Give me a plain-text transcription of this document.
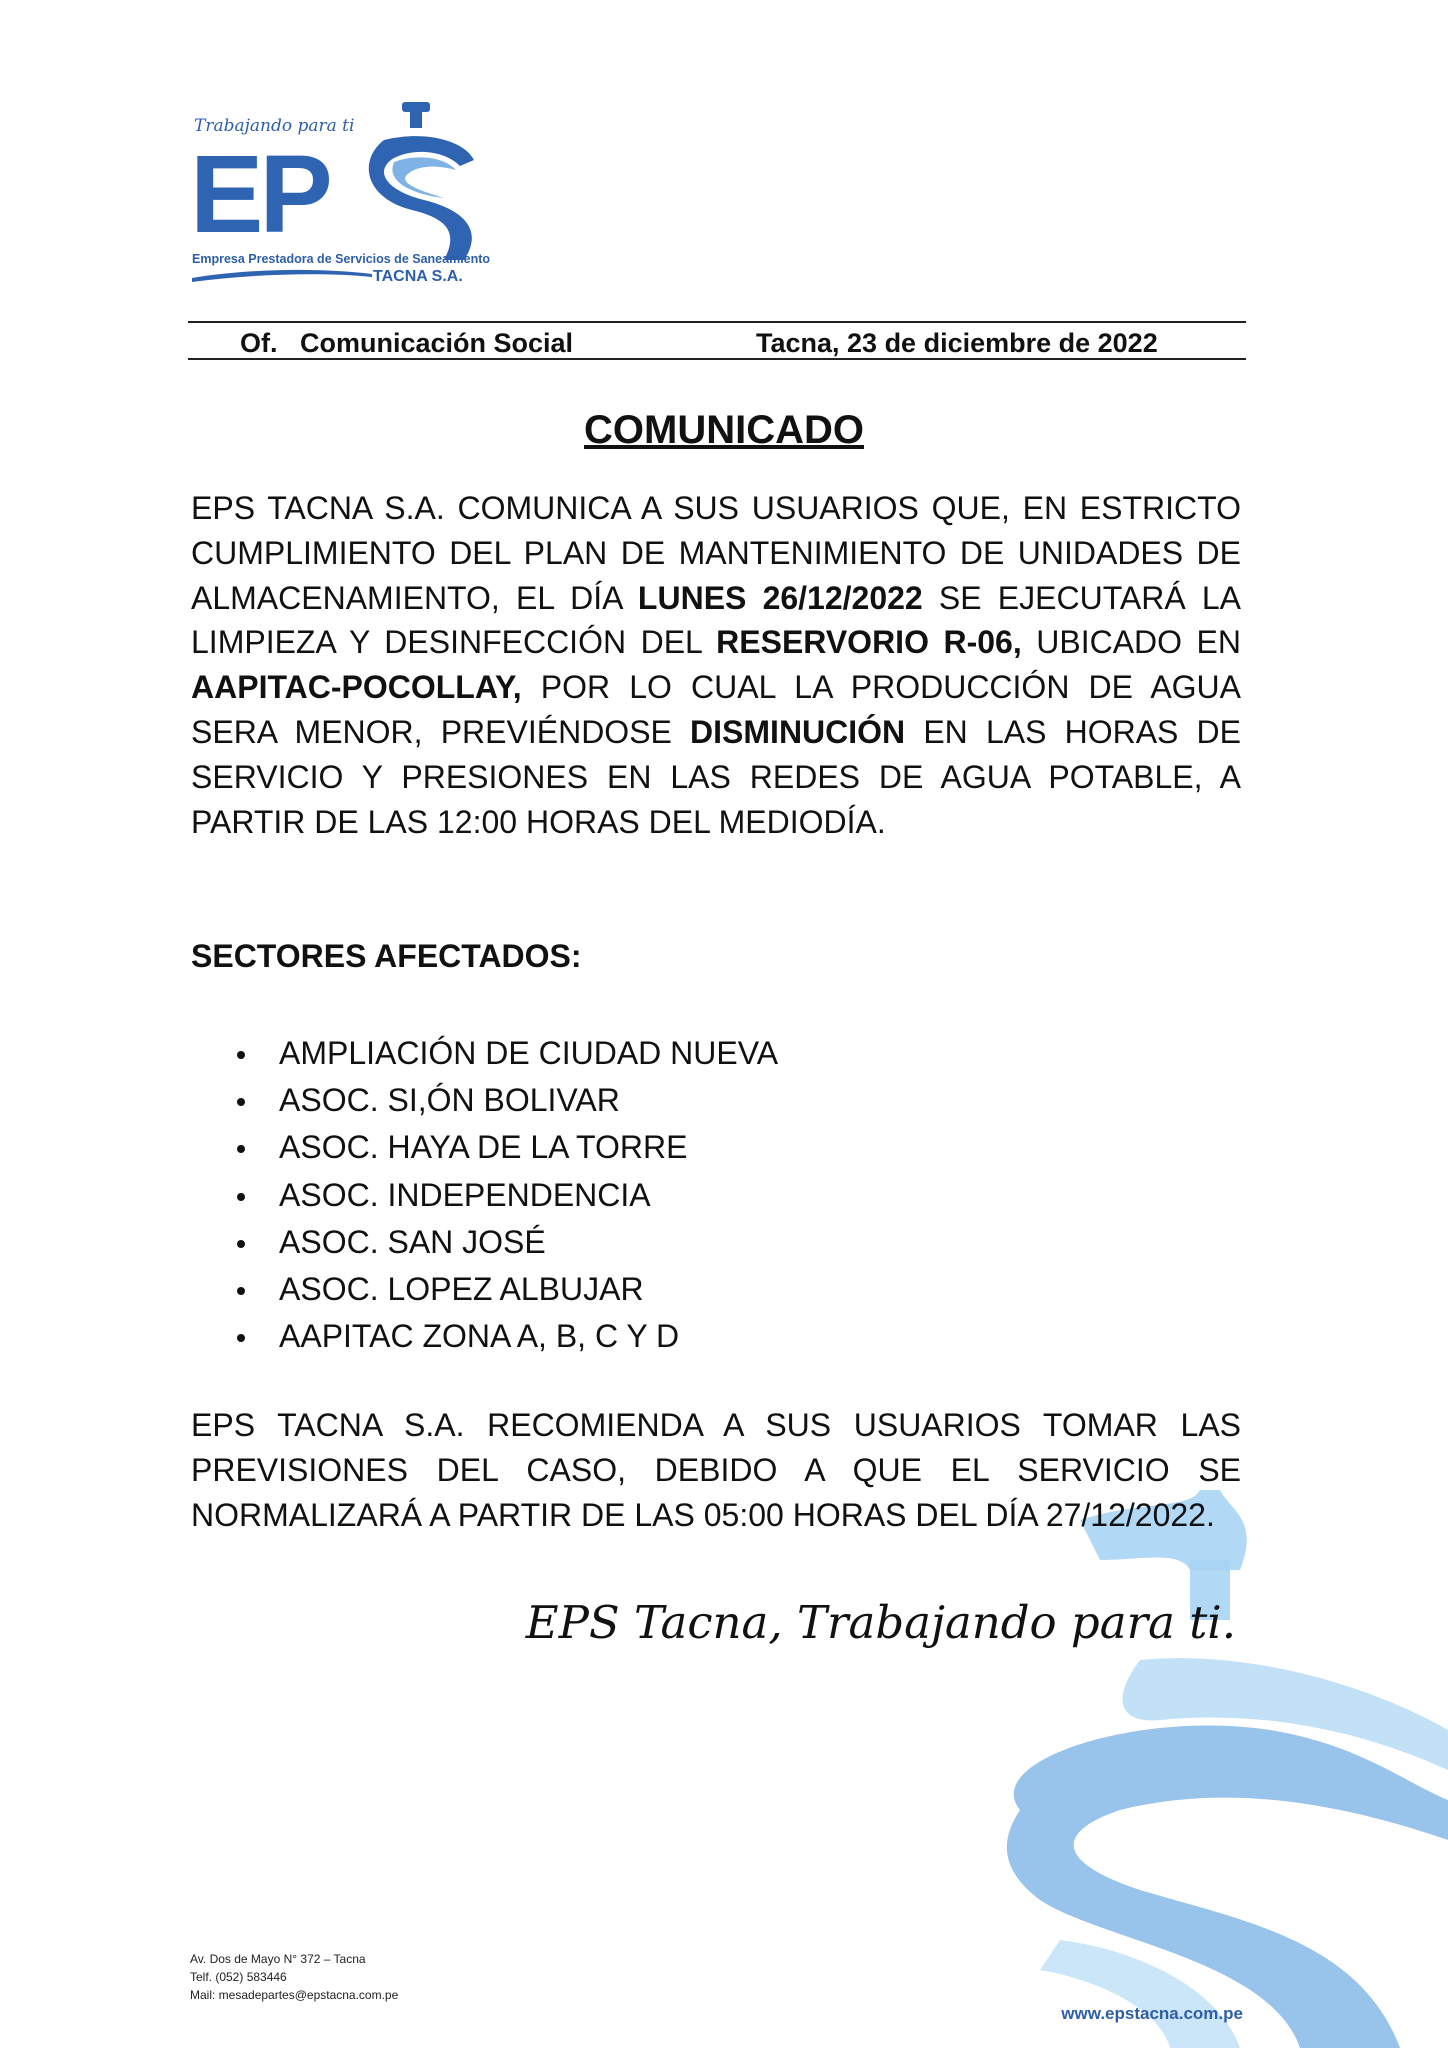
Trabajando para ti
EP
Empresa Prestadora de Servicios de Saneamiento
TACNA S.A.
Of.   Comunicación Social	Tacna, 23 de diciembre de 2022
COMUNICADO
EPS TACNA S.A. COMUNICA A SUS USUARIOS QUE, EN ESTRICTO CUMPLIMIENTO DEL PLAN DE MANTENIMIENTO DE UNIDADES DE ALMACENAMIENTO, EL DÍA LUNES 26/12/2022 SE EJECUTARÁ LA LIMPIEZA Y DESINFECCIÓN DEL RESERVORIO R-06, UBICADO EN AAPITAC-POCOLLAY, POR LO CUAL LA PRODUCCIÓN DE AGUA SERA MENOR, PREVIÉNDOSE DISMINUCIÓN EN LAS HORAS DE SERVICIO Y PRESIONES EN LAS REDES DE AGUA POTABLE, A PARTIR DE LAS 12:00 HORAS DEL MEDIODÍA.
SECTORES AFECTADOS:
AMPLIACIÓN DE CIUDAD NUEVA
ASOC. SI,ÓN BOLIVAR
ASOC. HAYA DE LA TORRE
ASOC. INDEPENDENCIA
ASOC. SAN JOSÉ
ASOC. LOPEZ ALBUJAR
AAPITAC ZONA A, B, C Y D
EPS TACNA S.A. RECOMIENDA A SUS USUARIOS TOMAR LAS PREVISIONES DEL CASO, DEBIDO A QUE EL SERVICIO SE NORMALIZARÁ A PARTIR DE LAS 05:00 HORAS DEL DÍA 27/12/2022.
EPS Tacna, Trabajando para ti.
Av. Dos de Mayo N° 372 – Tacna
Telf. (052) 583446
Mail: mesadepartes@epstacna.com.pe
www.epstacna.com.pe
